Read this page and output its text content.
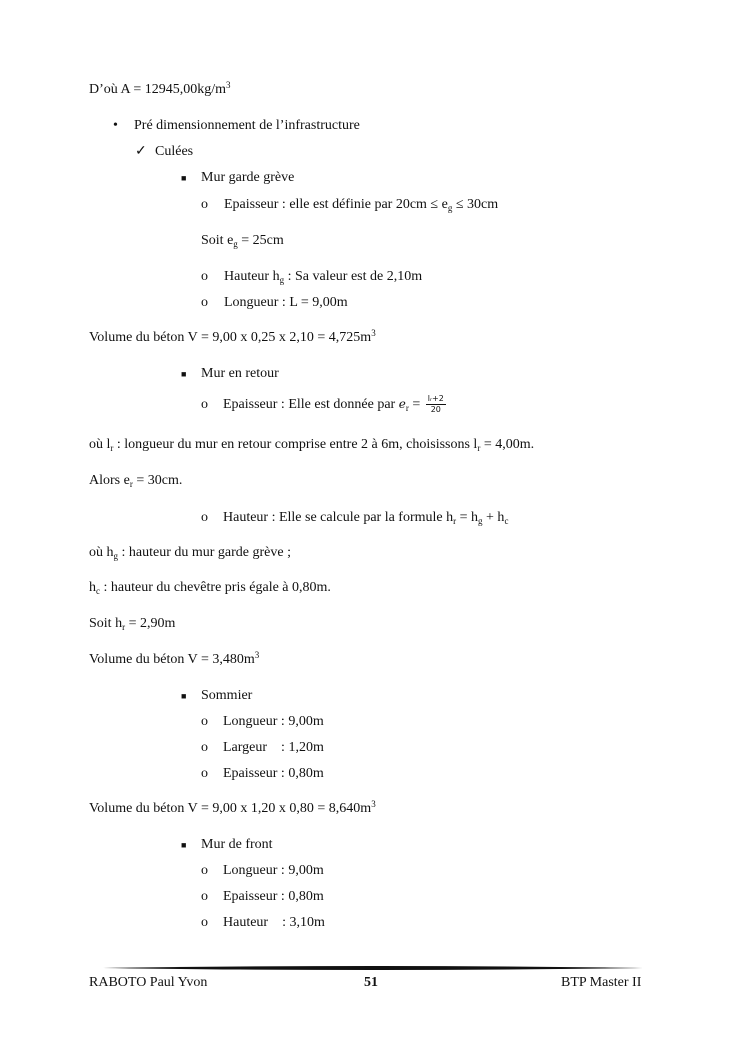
D’où $A = 12945,00kg/m^3$
• Pré dimensionnement de l’infrastructure
✓ Culées
■ Mur garde grève
o Epaisseur : elle est définie par $20cm \le e_g \le 30cm$
Soit $e_g = 25cm$
o Hauteur $h_g$ : Sa valeur est de 2,10m
o Longueur : L = 9,00m
Volume du béton V = 9,00 x 0,25 x $2,10 = 4,725m^3$
■ Mur en retour
o Epaisseur : Elle est donnée par $e_r = \frac{\text{lᵣ+2}}{20}$
où $l_r$ : longueur du mur en retour comprise entre 2 à 6m, choisissons $l_r = 4,00m$.
Alors $e_r = 30cm$.
o Hauteur : Elle se calcule par la formule $h_r = h_g + h_c$
où $h_g$ : hauteur du mur garde grève ;
$h_c$ : hauteur du chevêtre pris égale à 0,80m.
Soit $h_r = 2,90m$
Volume du béton $V = 3,480m^3$
■ Sommier
o Longueur : 9,00m
o Largeur    : 1,20m
o Epaisseur : 0,80m
Volume du béton V = 9,00 x 1,20 x $0,80 = 8,640m^3$
■ Mur de front
o Longueur : 9,00m
o Epaisseur : 0,80m
o Hauteur    : 3,10m
RABOTO Paul Yvon	51	BTP Master II
